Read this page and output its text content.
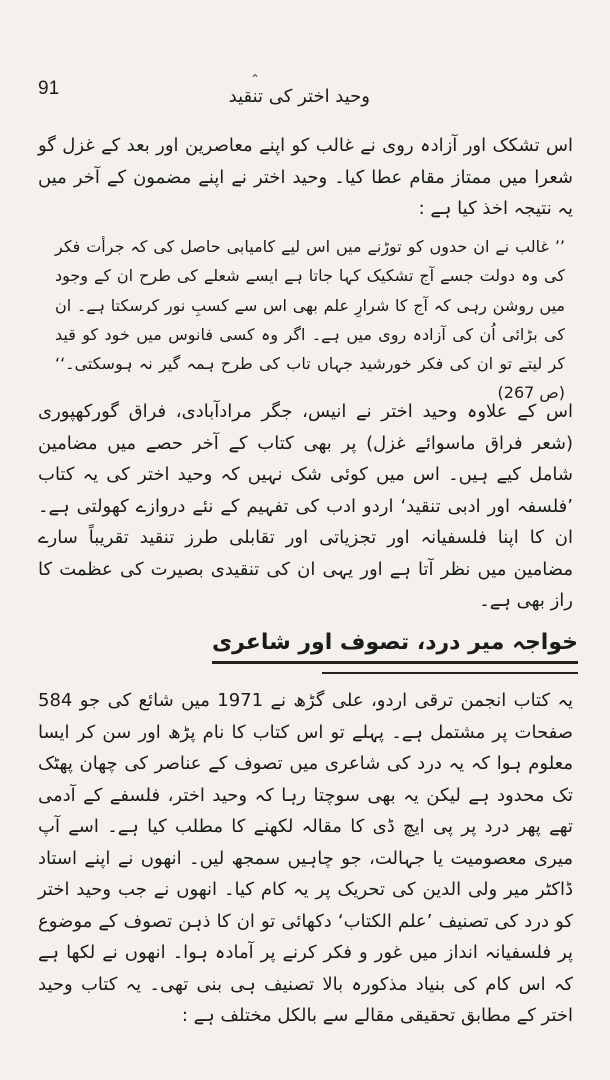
91	⌃
وحید اختر کی تنقید

اس تشکک اور آزادہ روی نے غالب کو اپنے معاصرین اور بعد کے غزل گو شعرا میں ممتاز مقام عطا کیا۔ وحید اختر نے اپنے مضمون کے آخر میں یہ نتیجہ اخذ کیا ہے :

’’ غالب نے ان حدوں کو توڑنے میں اس لیے کامیابی حاصل کی کہ جرأت فکر کی وہ دولت جسے آج تشکیک کہا جاتا ہے ایسے شعلے کی طرح ان کے وجود میں روشن رہی کہ آج کا شرارِ علم بھی اس سے کسبِ نور کرسکتا ہے۔ ان کی بڑائی اُن کی آزادہ روی میں ہے۔ اگر وہ کسی فانوس میں خود کو قید کر لیتے تو ان کی فکر خورشید جہاں تاب کی طرح ہمہ گیر نہ ہوسکتی۔‘‘ (ص 267)

اس کے علاوہ وحید اختر نے انیس، جگر مرادآبادی، فراق گورکھپوری (شعر فراق ماسوائے غزل) پر بھی کتاب کے آخر حصے میں مضامین شامل کیے ہیں۔ اس میں کوئی شک نہیں کہ وحید اختر کی یہ کتاب ’فلسفہ اور ادبی تنقید‘ اردو ادب کی تفہیم کے نئے دروازے کھولتی ہے۔ ان کا اپنا فلسفیانہ اور تجزیاتی اور تقابلی طرز تنقید تقریباً سارے مضامین میں نظر آتا ہے اور یہی ان کی تنقیدی بصیرت کی عظمت کا راز بھی ہے۔

خواجہ میر درد، تصوف اور شاعری

یہ کتاب انجمن ترقی اردو، علی گڑھ نے 1971 میں شائع کی جو 584 صفحات پر مشتمل ہے۔ پہلے تو اس کتاب کا نام پڑھ اور سن کر ایسا معلوم ہوا کہ یہ درد کی شاعری میں تصوف کے عناصر کی چھان پھٹک تک محدود ہے لیکن یہ بھی سوچتا رہا کہ وحید اختر، فلسفے کے آدمی تھے پھر درد پر پی ایچ ڈی کا مقالہ لکھنے کا مطلب کیا ہے۔ اسے آپ میری معصومیت یا جہالت، جو چاہیں سمجھ لیں۔ انھوں نے اپنے استاد ڈاکٹر میر ولی الدین کی تحریک پر یہ کام کیا۔ انھوں نے جب وحید اختر کو درد کی تصنیف ’علم الکتاب‘ دکھائی تو ان کا ذہن تصوف کے موضوع پر فلسفیانہ انداز میں غور و فکر کرنے پر آمادہ ہوا۔ انھوں نے لکھا ہے کہ اس کام کی بنیاد مذکورہ بالا تصنیف ہی بنی تھی۔ یہ کتاب وحید اختر کے مطابق تحقیقی مقالے سے بالکل مختلف ہے :
